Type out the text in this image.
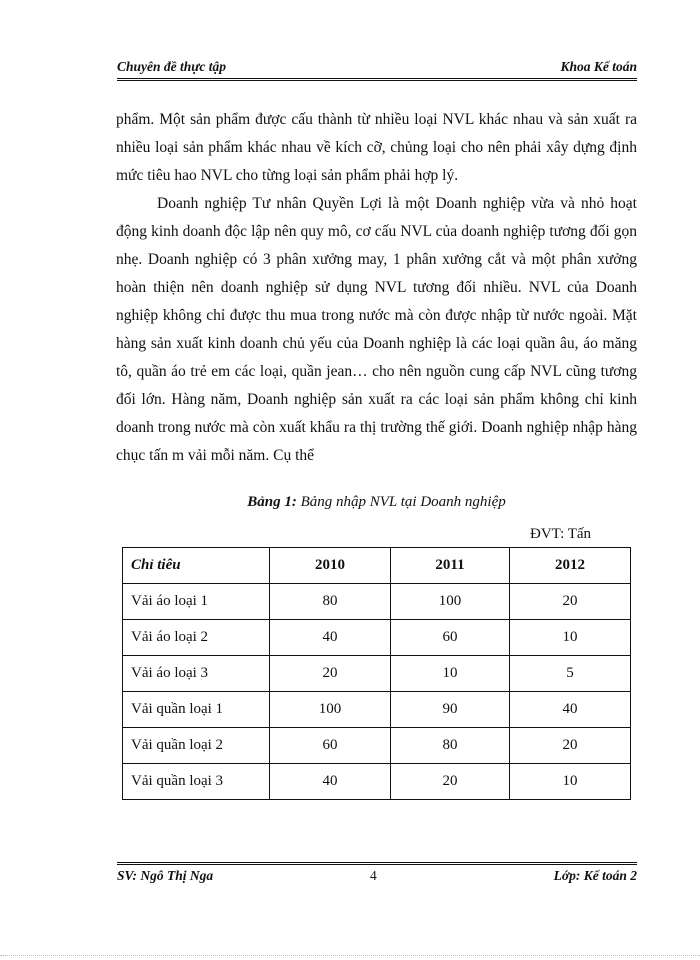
Chuyên đề thực tập	Khoa Kế toán

phẩm. Một sản phẩm được cấu thành từ nhiều loại NVL khác nhau và sản xuất ra nhiều loại sản phẩm khác nhau về kích cỡ, chủng loại cho nên phải xây dựng định mức tiêu hao NVL cho từng loại sản phẩm phải hợp lý.

Doanh nghiệp Tư nhân Quyền Lợi là một Doanh nghiệp vừa và nhỏ hoạt động kinh doanh độc lập nên quy mô, cơ cấu NVL của doanh nghiệp tương đối gọn nhẹ. Doanh nghiệp có 3 phân xưởng may, 1 phân xưởng cắt và một phân xưởng hoàn thiện nên doanh nghiệp sử dụng NVL tương đối nhiều. NVL của Doanh nghiệp không chỉ được thu mua trong nước mà còn được nhập từ nước ngoài. Mặt hàng sản xuất kinh doanh chủ yếu của Doanh nghiệp là các loại quần âu, áo măng tô, quần áo trẻ em các loại, quần jean… cho nên nguồn cung cấp NVL cũng tương đối lớn. Hàng năm, Doanh nghiệp sản xuất ra các loại sản phẩm không chỉ kinh doanh trong nước mà còn xuất khẩu ra thị trường thế giới. Doanh nghiệp nhập hàng chục tấn m vải mỗi năm. Cụ thể

Bảng 1: Bảng nhập NVL tại Doanh nghiệp
ĐVT: Tấn
Chỉ tiêu	2010	2011	2012
Vải áo loại 1	80	100	20
Vải áo loại 2	40	60	10
Vải áo loại 3	20	10	5
Vải quần loại 1	100	90	40
Vải quần loại 2	60	80	20
Vải quần loại 3	40	20	10
SV: Ngô Thị Nga	4	Lớp: Kế toán 2
